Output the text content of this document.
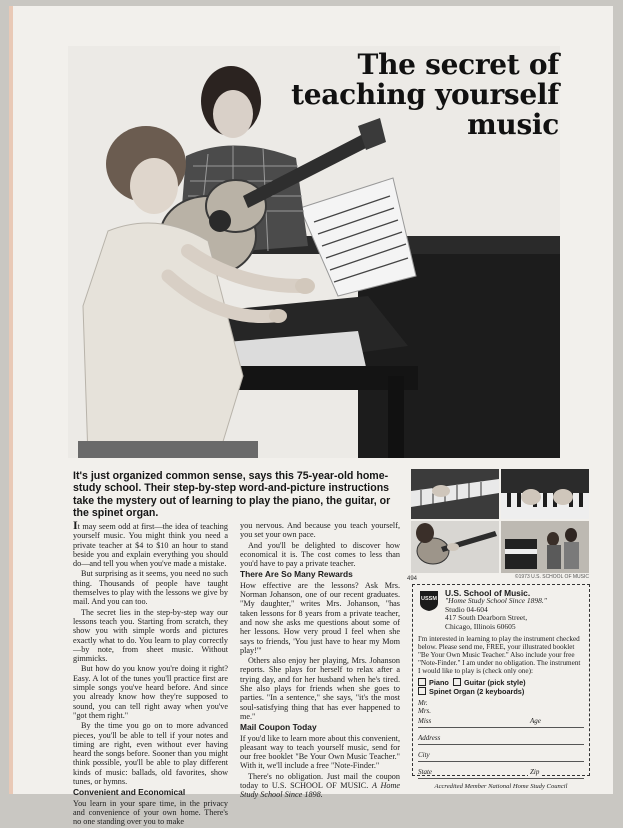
The secret of
teaching yourself
music
It's just organized common sense, says this 75-year-old home-study school. Their step-by-step word-and-picture instructions take the mystery out of learning to play the piano, the guitar, or the spinet organ.
©1973 U.S. SCHOOL OF MUSIC

It may seem odd at first—the idea of teaching yourself music. You might think you need a private teacher at $4 to $10 an hour to stand beside you and explain everything you should do—and tell you when you've made a mistake.

But surprising as it seems, you need no such thing. Thousands of people have taught themselves to play with the lessons we give by mail. And you can too.

The secret lies in the step-by-step way our lessons teach you. Starting from scratch, they show you with simple words and pictures exactly what to do. You learn to play correctly—by note, from sheet music. Without gimmicks.

But how do you know you're doing it right? Easy. A lot of the tunes you'll practice first are simple songs you've heard before. And since you already know how they're supposed to sound, you can tell right away when you've "got them right."

By the time you go on to more advanced pieces, you'll be able to tell if your notes and timing are right, even without ever having heard the songs before. Sooner than you might think possible, you'll be able to play different kinds of music: ballads, old favorites, show tunes, or hymns.

Convenient and Economical

You learn in your spare time, in the privacy and convenience of your own home. There's no one standing over you to make

you nervous. And because you teach yourself, you set your own pace.

And you'll be delighted to discover how economical it is. The cost comes to less than you'd have to pay a private teacher.

There Are So Many Rewards

How effective are the lessons? Ask Mrs. Norman Johanson, one of our recent graduates. "My daughter," writes Mrs. Johanson, "has taken lessons for 8 years from a private teacher, and now she asks me questions about some of her lessons. How very proud I feel when she says to friends, 'You just have to hear my Mom play!'"

Others also enjoy her playing, Mrs. Johanson reports. She plays for herself to relax after a trying day, and for her husband when he's tired. She also plays for friends when she goes to parties. "In a sentence," she says, "it's the most soul-satisfying thing that has ever happened to me."

Mail Coupon Today

If you'd like to learn more about this convenient, pleasant way to teach yourself music, send for our free booklet "Be Your Own Music Teacher." With it, we'll include a free "Note-Finder."

There's no obligation. Just mail the coupon today to U.S. SCHOOL OF MUSIC. A Home Study School Since 1898.

494
USSM
U.S. School of Music.
"Home Study School Since 1898."
Studio 04-604
417 South Dearborn Street,
Chicago, Illinois 60605
I'm interested in learning to play the instrument checked below. Please send me, FREE, your illustrated booklet "Be Your Own Music Teacher." Also include your free "Note-Finder." I am under no obligation. The instrument I would like to play is (check only one):
Piano Guitar (pick style)
Spinet Organ (2 keyboards)
Mr.
Mrs.
Miss	Age
Address
City
State	Zip
Accredited Member National Home Study Council
